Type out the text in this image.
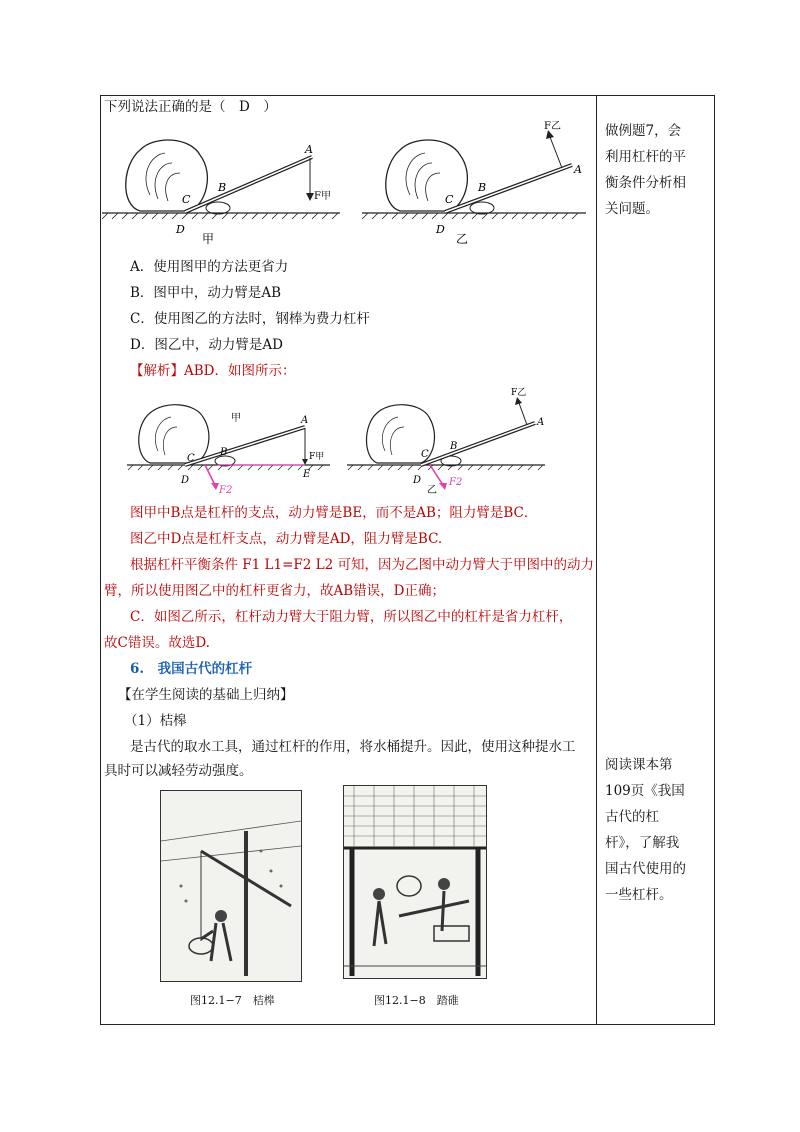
下列说法正确的是（　D　）
A
B
C
D
F甲
甲
A
B
C
D
F乙
乙
A．使用图甲的方法更省力
B．图甲中，动力臂是AB
C．使用图乙的方法时，钢棒为费力杠杆
D．图乙中，动力臂是AD
【解析】ABD．如图所示：
甲	A
B
C
D
E
F甲
F2
F乙
A
B
C
D
乙
F2
图甲中B点是杠杆的支点，动力臂是BE，而不是AB；阻力臂是BC．
图乙中D点是杠杆支点，动力臂是AD，阻力臂是BC.
根据杠杆平衡条件 F1 L1=F2 L2 可知，因为乙图中动力臂大于甲图中的动力
臂，所以使用图乙中的杠杆更省力，故AB错误，D正确；
C．如图乙所示，杠杆动力臂大于阻力臂，所以图乙中的杠杆是省力杠杆，
故C错误。故选D.
6.　我国古代的杠杆
【在学生阅读的基础上归纳】
（1）桔槔
是古代的取水工具，通过杠杆的作用，将水桶提升。因此，使用这种提水工
具时可以减轻劳动强度。
图12.1−7　桔槔	图12.1−8　踏碓
做例题7，会
利用杠杆的平
衡条件分析相
关问题。
阅读课本第
109页《我国
古代的杠
杆》，了解我
国古代使用的
一些杠杆。
